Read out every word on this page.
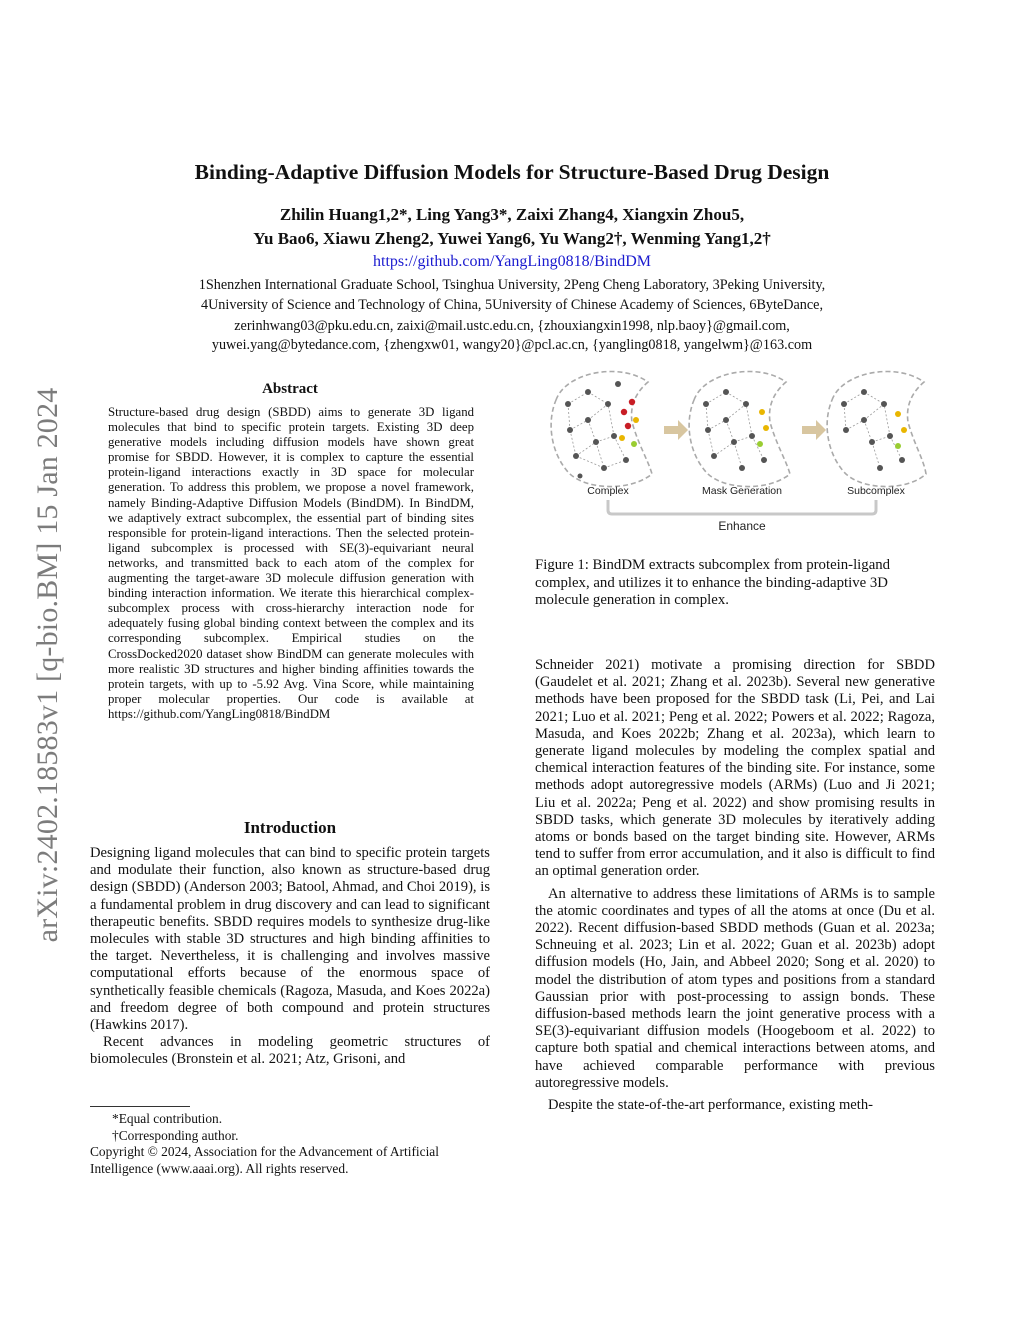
arXiv:2402.18583v1 [q-bio.BM] 15 Jan 2024
Binding-Adaptive Diffusion Models for Structure-Based Drug Design
Zhilin Huang1,2*, Ling Yang3*, Zaixi Zhang4, Xiangxin Zhou5,
Yu Bao6, Xiawu Zheng2, Yuwei Yang6, Yu Wang2†, Wenming Yang1,2†
https://github.com/YangLing0818/BindDM
1Shenzhen International Graduate School, Tsinghua University, 2Peng Cheng Laboratory, 3Peking University,
4University of Science and Technology of China, 5University of Chinese Academy of Sciences, 6ByteDance,
zerinhwang03@pku.edu.cn, zaixi@mail.ustc.edu.cn, {zhouxiangxin1998, nlp.baoy}@gmail.com,
yuwei.yang@bytedance.com, {zhengxw01, wangy20}@pcl.ac.cn, {yangling0818, yangelwm}@163.com
Abstract
Structure-based drug design (SBDD) aims to generate 3D ligand molecules that bind to specific protein targets. Existing 3D deep generative models including diffusion models have shown great promise for SBDD. However, it is complex to capture the essential protein-ligand interactions exactly in 3D space for molecular generation. To address this problem, we propose a novel framework, namely Binding-Adaptive Diffusion Models (BindDM). In BindDM, we adaptively extract subcomplex, the essential part of binding sites responsible for protein-ligand interactions. Then the selected protein-ligand subcomplex is processed with SE(3)-equivariant neural networks, and transmitted back to each atom of the complex for augmenting the target-aware 3D molecule diffusion generation with binding interaction information. We iterate this hierarchical complex-subcomplex process with cross-hierarchy interaction node for adequately fusing global binding context between the complex and its corresponding subcomplex. Empirical studies on the CrossDocked2020 dataset show BindDM can generate molecules with more realistic 3D structures and higher binding affinities towards the protein targets, with up to -5.92 Avg. Vina Score, while maintaining proper molecular properties. Our code is available at https://github.com/YangLing0818/BindDM
Introduction

Designing ligand molecules that can bind to specific protein targets and modulate their function, also known as structure-based drug design (SBDD) (Anderson 2003; Batool, Ahmad, and Choi 2019), is a fundamental problem in drug discovery and can lead to significant therapeutic benefits. SBDD requires models to synthesize drug-like molecules with stable 3D structures and high binding affinities to the target. Nevertheless, it is challenging and involves massive computational efforts because of the enormous space of synthetically feasible chemicals (Ragoza, Masuda, and Koes 2022a) and freedom degree of both compound and protein structures (Hawkins 2017).

Recent advances in modeling geometric structures of biomolecules (Bronstein et al. 2021; Atz, Grisoni, and

*Equal contribution.
†Corresponding author.
Copyright © 2024, Association for the Advancement of Artificial Intelligence (www.aaai.org). All rights reserved.
Complex	Mask Generation	Subcomplex
Enhance
Figure 1: BindDM extracts subcomplex from protein-ligand complex, and utilizes it to enhance the binding-adaptive 3D molecule generation in complex.

Schneider 2021) motivate a promising direction for SBDD (Gaudelet et al. 2021; Zhang et al. 2023b). Several new generative methods have been proposed for the SBDD task (Li, Pei, and Lai 2021; Luo et al. 2021; Peng et al. 2022; Powers et al. 2022; Ragoza, Masuda, and Koes 2022b; Zhang et al. 2023a), which learn to generate ligand molecules by modeling the complex spatial and chemical interaction features of the binding site. For instance, some methods adopt autoregressive models (ARMs) (Luo and Ji 2021; Liu et al. 2022a; Peng et al. 2022) and show promising results in SBDD tasks, which generate 3D molecules by iteratively adding atoms or bonds based on the target binding site. However, ARMs tend to suffer from error accumulation, and it also is difficult to find an optimal generation order.

An alternative to address these limitations of ARMs is to sample the atomic coordinates and types of all the atoms at once (Du et al. 2022). Recent diffusion-based SBDD methods (Guan et al. 2023a; Schneuing et al. 2023; Lin et al. 2022; Guan et al. 2023b) adopt diffusion models (Ho, Jain, and Abbeel 2020; Song et al. 2020) to model the distribution of atom types and positions from a standard Gaussian prior with post-processing to assign bonds. These diffusion-based methods learn the joint generative process with a SE(3)-equivariant diffusion models (Hoogeboom et al. 2022) to capture both spatial and chemical interactions between atoms, and have achieved comparable performance with previous autoregressive models.

Despite the state-of-the-art performance, existing meth-
